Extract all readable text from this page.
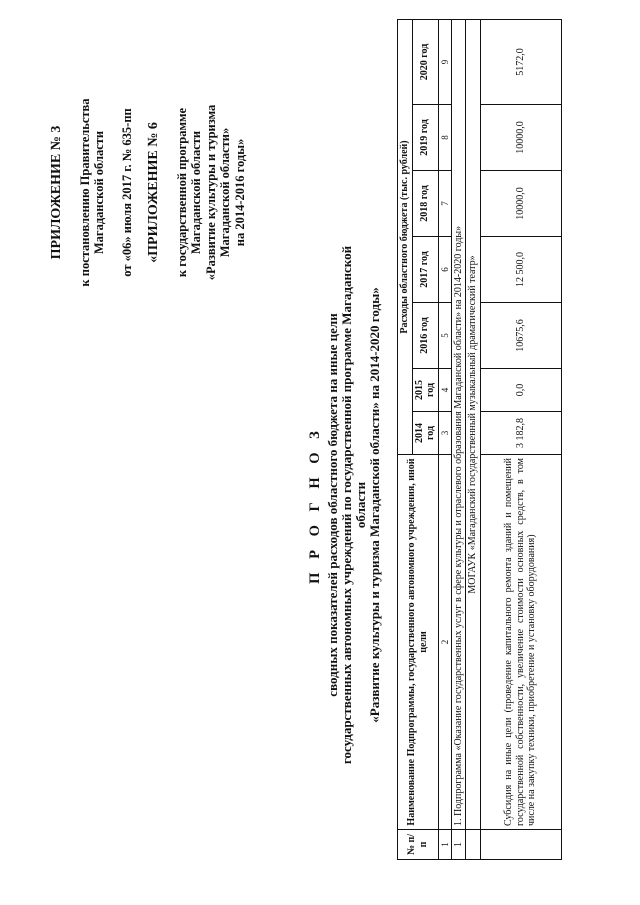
ПРИЛОЖЕНИЕ № 3 к постановлению Правительства Магаданской области от «06» июля 2017 г. № 635-пп «ПРИЛОЖЕНИЕ № 6 к государственной программе Магаданской области «Развитие культуры и туризма Магаданской области» на 2014-2016 годы»
П Р О Г Н О З сводных показателей расходов областного бюджета на иные цели государственных автономных учреждений по государственной программе Магаданской области «Развитие культуры и туризма Магаданской области» на 2014-2020 годы»
№ п/п	Наименование Подпрограммы, государственного автономного учреждения, иной цели	Расходы областного бюджета (тыс. рублей)						
		2014 год	2015 год	2016 год	2017 год	2018 год	2019 год	2020 год
1	2	3	4	5	6	7	8	9
1	1. Подпрограмма «Оказание государственных услуг в сфере культуры и отраслевого образования Магаданской области» на 2014-2020 годы»							
	МОГАУК «Магаданский государственный музыкальный драматический театр»							
	Субсидия на иные цели (проведение капитального ремонта зданий и помещений государственной собственности, увеличение стоимости основных средств, в том числе на закупку техники, приобретение и установку оборудования)	3 182,8	0,0	10675,6	12 500,0	10000,0	10000,0	5172,0
